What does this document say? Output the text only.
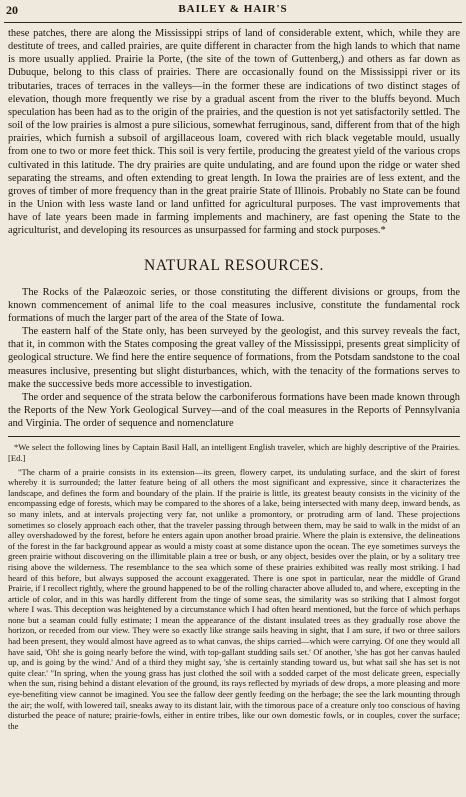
20	BAILEY & HAIR'S

these patches, there are along the Mississippi strips of land of considerable extent, which, while they are destitute of trees, and called prairies, are quite different in character from the high lands to which that name is more usually applied. Prairie la Porte, (the site of the town of Guttenberg,) and others as far down as Dubuque, belong to this class of prairies. There are occasionally found on the Mississippi river or its tributaries, traces of terraces in the valleys—in the former these are indications of two distinct stages of elevation, though more frequently we rise by a gradual ascent from the river to the bluffs beyond. Much speculation has been had as to the origin of the prairies, and the question is not yet satisfactorily settled. The soil of the low prairies is almost a pure silicious, somewhat ferruginous, sand, different from that of the high prairies, which furnish a subsoil of argillaceous loam, covered with rich black vegetable mould, usually from one to two or more feet thick. This soil is very fertile, producing the greatest yield of the various crops cultivated in this latitude. The dry prairies are quite undulating, and are found upon the ridge or water shed separating the streams, and often extending to great length. In Iowa the prairies are of less extent, and the groves of timber of more frequency than in the great prairie State of Illinois. Probably no State can be found in the Union with less waste land or land unfitted for agricultural purposes. The vast improvements that have of late years been made in farming implements and machinery, are fast opening the State to the agriculturist, and developing its resources as unsurpassed for farming and stock purposes.*

NATURAL RESOURCES.

The Rocks of the Palæozoic series, or those constituting the different divisions or groups, from the known commencement of animal life to the coal measures inclusive, constitute the fundamental rock formations of much the larger part of the area of the State of Iowa.

The eastern half of the State only, has been surveyed by the geologist, and this survey reveals the fact, that it, in common with the States composing the great valley of the Mississippi, presents great simplicity of geological structure. We find here the entire sequence of formations, from the Potsdam sandstone to the coal measures inclusive, presenting but slight disturbances, which, with the tenacity of the formations serves to make the successive beds more accessible to investigation.

The order and sequence of the strata below the carboniferous formations have been made known through the Reports of the New York Geological Survey—and of the coal measures in the Reports of Pennsylvania and Virginia. The order of sequence and nomenclature

*We select the following lines by Captain Basil Hall, an intelligent English traveler, which are highly descriptive of the Prairies. [Ed.]

"The charm of a prairie consists in its extension—its green, flowery carpet, its undulating surface, and the skirt of forest whereby it is surrounded; the latter feature being of all others the most significant and expressive, since it characterizes the landscape, and defines the form and boundary of the plain. If the prairie is little, its greatest beauty consists in the vicinity of the encompassing edge of forests, which may be compared to the shores of a lake, being intersected with many deep, inward bends, as so many inlets, and at intervals projecting very far, not unlike a promontory, or protruding arm of land. These projections sometimes so closely approach each other, that the traveler passing through between them, may be said to walk in the midst of an alley overshadowed by the forest, before he enters again upon another broad prairie. Where the plain is extensive, the delineations of the forest in the far background appear as would a misty coast at some distance upon the ocean. The eye sometimes surveys the green prairie without discovering on the illimitable plain a tree or bush, or any object, besides over the plain, or by a solitary tree rising above the wilderness. The resemblance to the sea which some of these prairies exhibited was really most striking. I had heard of this before, but always supposed the account exaggerated. There is one spot in particular, near the middle of Grand Prairie, if I recollect rightly, where the ground happened to be of the rolling character above alluded to, and where, excepting in the article of color, and in this was hardly different from the tinge of some seas, the similarity was so striking that I almost forgot where I was. This deception was heightened by a circumstance which I had often heard mentioned, but the force of which perhaps none but a seaman could fully estimate; I mean the appearance of the distant insulated trees as they gradually rose above the horizon, or receded from our view. They were so exactly like strange sails heaving in sight, that I am sure, if two or three sailors had been present, they would almost have agreed as to what canvas, the ships carried—which were carrying. Of one they would all have said, 'Oh! she is going nearly before the wind, with top-gallant studding sails set.' Of another, 'she has got her canvas hauled up, and is going by the wind.' And of a third they might say, 'she is certainly standing toward us, but what sail she has set is not quite clear.' "In spring, when the young grass has just clothed the soil with a sodded carpet of the most delicate green, especially when the sun, rising behind a distant elevation of the ground, its rays reflected by myriads of dew drops, a more pleasing and more eye-benefiting view cannot be imagined. You see the fallow deer gently feeding on the herbage; the see the lark mounting through the air; the wolf, with lowered tail, sneaks away to its distant lair, with the timorous pace of a creature only too conscious of having disturbed the peace of nature; prairie-fowls, either in entire tribes, like our own domestic fowls, or in couples, cover the surface; the
